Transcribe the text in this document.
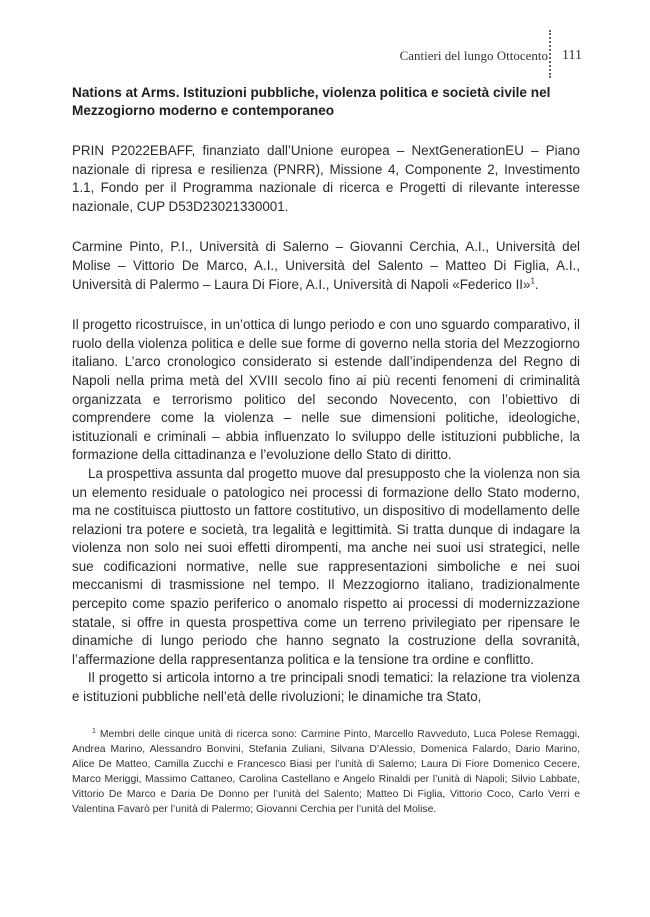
Cantieri del lungo Ottocento 111
Nations at Arms. Istituzioni pubbliche, violenza politica e società civile nel Mezzogiorno moderno e contemporaneo

PRIN P2022EBAFF, finanziato dall’Unione europea – NextGenerationEU – Piano nazionale di ripresa e resilienza (PNRR), Missione 4, Componente 2, Investimento 1.1, Fondo per il Programma nazionale di ricerca e Progetti di rilevante interesse nazionale, CUP D53D23021330001.

Carmine Pinto, P.I., Università di Salerno – Giovanni Cerchia, A.I., Università del Molise – Vittorio De Marco, A.I., Università del Salento – Matteo Di Figlia, A.I., Università di Palermo – Laura Di Fiore, A.I., Università di Napoli «Federico II»$^1$.

Il progetto ricostruisce, in un’ottica di lungo periodo e con uno sguardo comparativo, il ruolo della violenza politica e delle sue forme di governo nella storia del Mezzogiorno italiano. L’arco cronologico considerato si estende dall’indipendenza del Regno di Napoli nella prima metà del XVIII secolo fino ai più recenti fenomeni di criminalità organizzata e terrorismo politico del secondo Novecento, con l’obiettivo di comprendere come la violenza – nelle sue dimensioni politiche, ideologiche, istituzionali e criminali – abbia influenzato lo sviluppo delle istituzioni pubbliche, la formazione della cittadinanza e l’evoluzione dello Stato di diritto.

La prospettiva assunta dal progetto muove dal presupposto che la violenza non sia un elemento residuale o patologico nei processi di formazione dello Stato moderno, ma ne costituisca piuttosto un fattore costitutivo, un dispositivo di modellamento delle relazioni tra potere e società, tra legalità e legittimità. Si tratta dunque di indagare la violenza non solo nei suoi effetti dirompenti, ma anche nei suoi usi strategici, nelle sue codificazioni normative, nelle sue rappresentazioni simboliche e nei suoi meccanismi di trasmissione nel tempo. Il Mezzogiorno italiano, tradizionalmente percepito come spazio periferico o anomalo rispetto ai processi di modernizzazione statale, si offre in questa prospettiva come un terreno privilegiato per ripensare le dinamiche di lungo periodo che hanno segnato la costruzione della sovranità, l’affermazione della rappresentanza politica e la tensione tra ordine e conflitto.

Il progetto si articola intorno a tre principali snodi tematici: la relazione tra violenza e istituzioni pubbliche nell’età delle rivoluzioni; le dinamiche tra Stato,

$^1$ Membri delle cinque unità di ricerca sono: Carmine Pinto, Marcello Ravveduto, Luca Polese Remaggi, Andrea Marino, Alessandro Bonvini, Stefania Zuliani, Silvana D’Alessio, Domenica Falardo, Dario Marino, Alice De Matteo, Camilla Zucchi e Francesco Biasi per l’unità di Salerno; Laura Di Fiore Domenico Cecere, Marco Meriggi, Massimo Cattaneo, Carolina Castellano e Angelo Rinaldi per l’unità di Napoli; Silvio Labbate, Vittorio De Marco e Daria De Donno per l’unità del Salento; Matteo Di Figlia, Vittorio Coco, Carlo Verri e Valentina Favarò per l’unità di Palermo; Giovanni Cerchia per l’unità del Molise.
